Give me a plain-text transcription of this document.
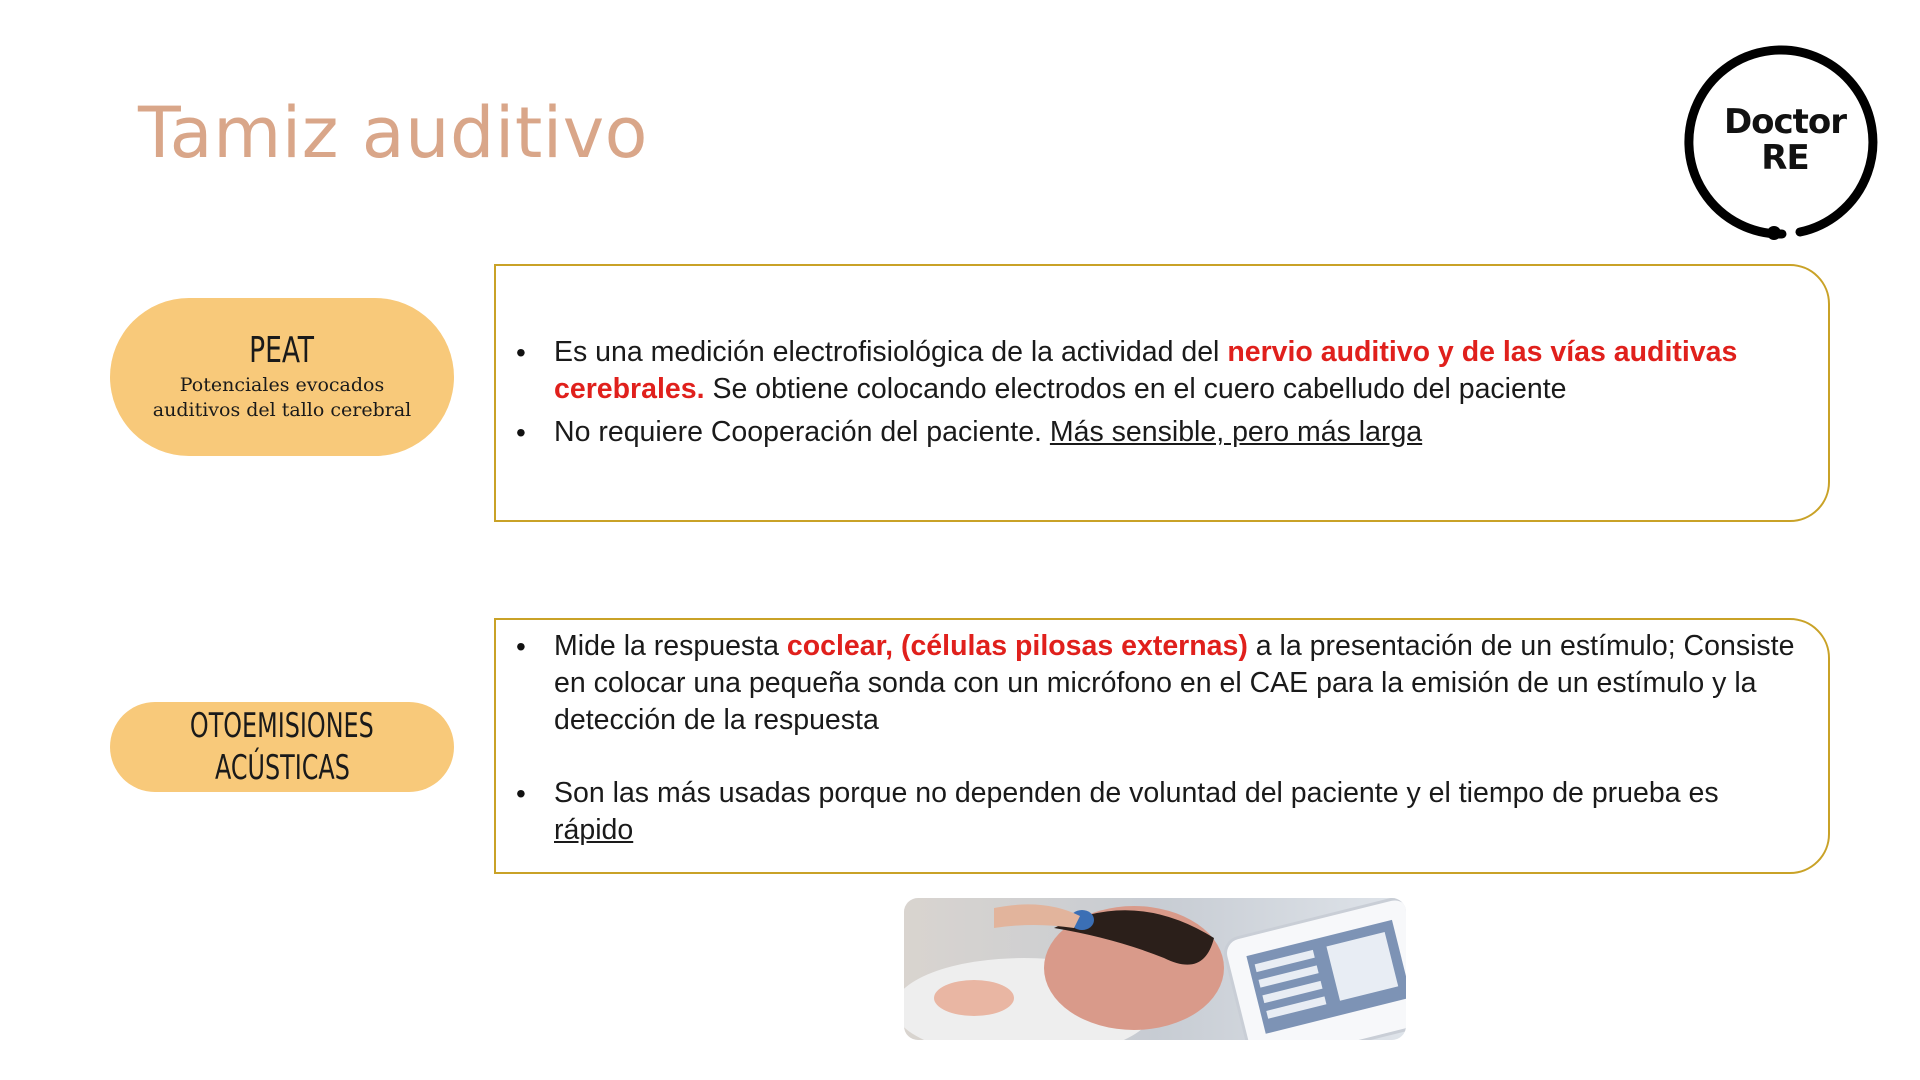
Tamiz auditivo	Doctor
RE
PEAT
Potenciales evocados
auditivos del tallo cerebral
• Es una medición electrofisiológica de la actividad del nervio auditivo y de las vías auditivas cerebrales. Se obtiene colocando electrodos en el cuero cabelludo del paciente
• No requiere Cooperación del paciente. Más sensible, pero más larga
OTOEMISIONES
ACÚSTICAS
• Mide la respuesta coclear, (células pilosas externas) a la presentación de un estímulo; Consiste en colocar una pequeña sonda con un micrófono en el CAE para la emisión de un estímulo y la detección de la respuesta
• Son las más usadas porque no dependen de voluntad del paciente y el tiempo de prueba es rápido
